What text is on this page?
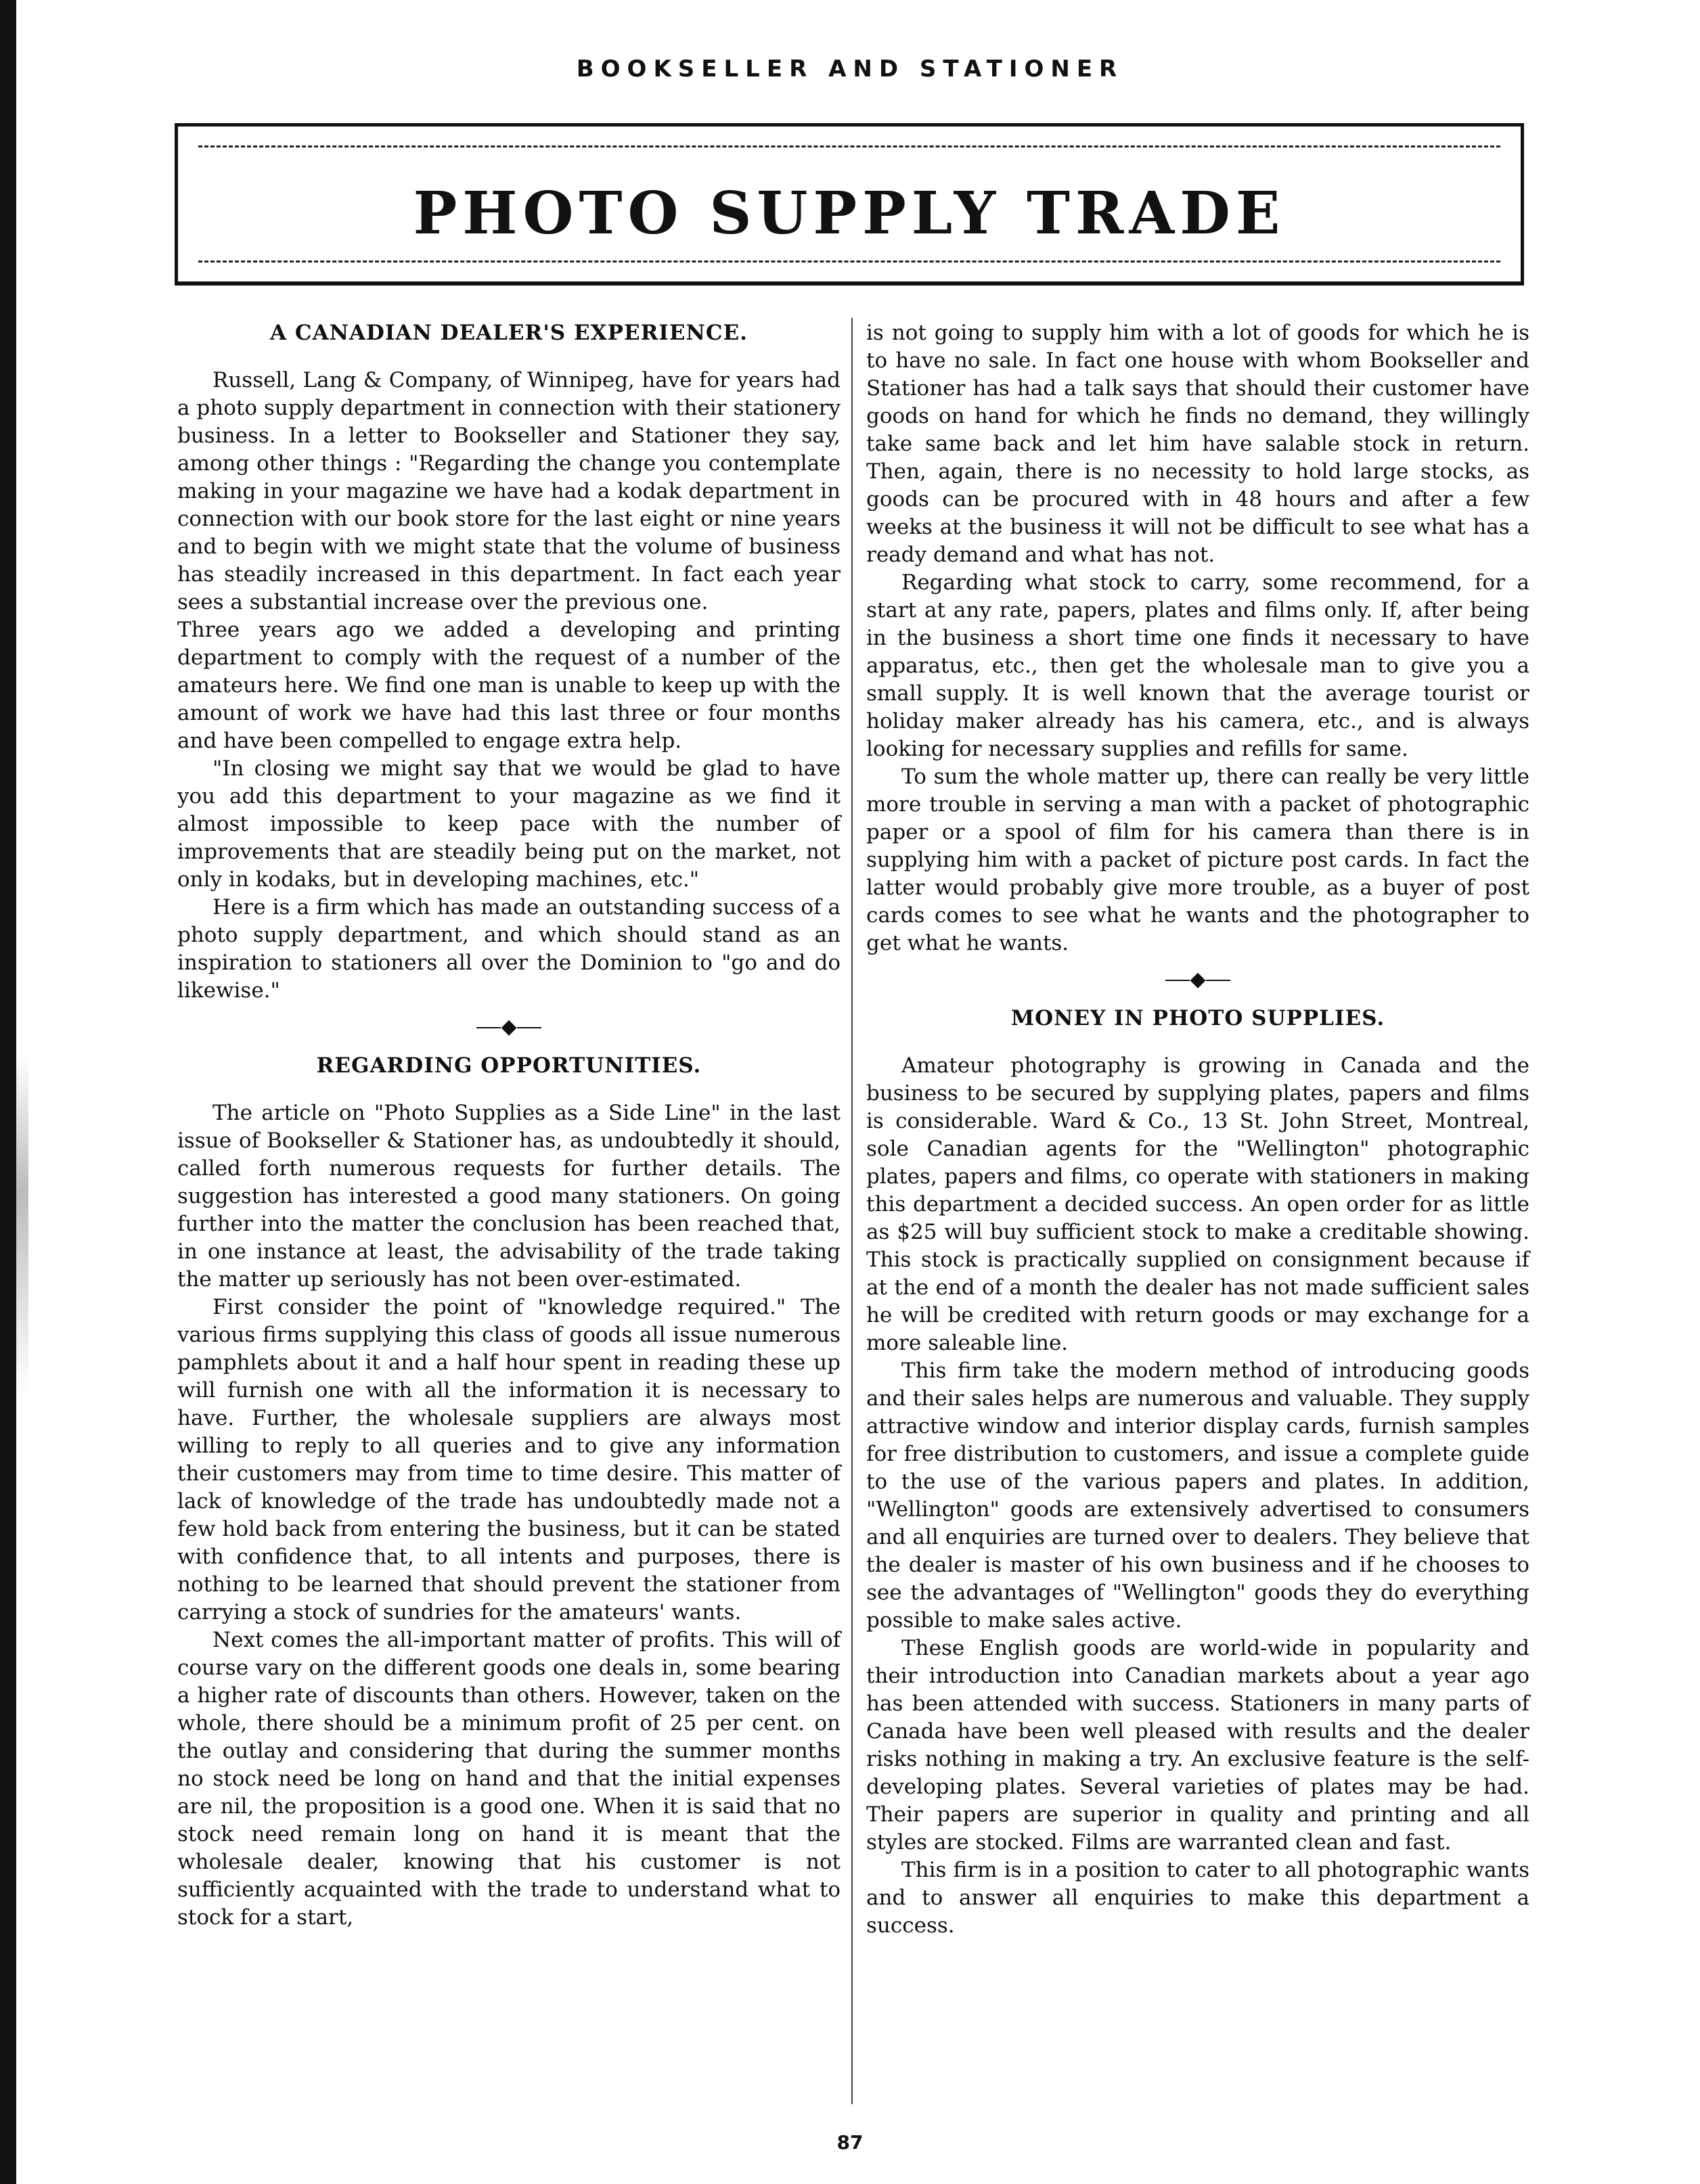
BOOKSELLER AND STATIONER
PHOTO SUPPLY TRADE
A CANADIAN DEALER'S EXPERIENCE.

Russell, Lang & Company, of Winnipeg, have for years had a photo supply department in connection with their stationery business. In a letter to Bookseller and Stationer they say, among other things : "Regarding the change you contemplate making in your magazine we have had a kodak department in connection with our book store for the last eight or nine years and to begin with we might state that the volume of business has steadily increased in this department. In fact each year sees a substantial increase over the previous one.

Three years ago we added a developing and printing department to comply with the request of a number of the amateurs here. We find one man is unable to keep up with the amount of work we have had this last three or four months and have been compelled to engage extra help.

"In closing we might say that we would be glad to have you add this department to your magazine as we find it almost impossible to keep pace with the number of improvements that are steadily being put on the market, not only in kodaks, but in developing machines, etc."

Here is a firm which has made an outstanding success of a photo supply department, and which should stand as an inspiration to stationers all over the Dominion to "go and do likewise."

◆
REGARDING OPPORTUNITIES.

The article on "Photo Supplies as a Side Line" in the last issue of Bookseller & Stationer has, as undoubtedly it should, called forth numerous requests for further details. The suggestion has interested a good many stationers. On going further into the matter the conclusion has been reached that, in one instance at least, the advisability of the trade taking the matter up seriously has not been over-estimated.

First consider the point of "knowledge required." The various firms supplying this class of goods all issue numerous pamphlets about it and a half hour spent in reading these up will furnish one with all the information it is necessary to have. Further, the wholesale suppliers are always most willing to reply to all queries and to give any information their customers may from time to time desire. This matter of lack of knowledge of the trade has undoubtedly made not a few hold back from entering the business, but it can be stated with confidence that, to all intents and purposes, there is nothing to be learned that should prevent the stationer from carrying a stock of sundries for the amateurs' wants.

Next comes the all-important matter of profits. This will of course vary on the different goods one deals in, some bearing a higher rate of discounts than others. However, taken on the whole, there should be a minimum profit of 25 per cent. on the outlay and considering that during the summer months no stock need be long on hand and that the initial expenses are nil, the proposition is a good one. When it is said that no stock need remain long on hand it is meant that the wholesale dealer, knowing that his customer is not sufficiently acquainted with the trade to understand what to stock for a start,

is not going to supply him with a lot of goods for which he is to have no sale. In fact one house with whom Bookseller and Stationer has had a talk says that should their customer have goods on hand for which he finds no demand, they willingly take same back and let him have salable stock in return. Then, again, there is no necessity to hold large stocks, as goods can be procured with in 48 hours and after a few weeks at the business it will not be difficult to see what has a ready demand and what has not.

Regarding what stock to carry, some recommend, for a start at any rate, papers, plates and films only. If, after being in the business a short time one finds it necessary to have apparatus, etc., then get the wholesale man to give you a small supply. It is well known that the average tourist or holiday maker already has his camera, etc., and is always looking for necessary supplies and refills for same.

To sum the whole matter up, there can really be very little more trouble in serving a man with a packet of photographic paper or a spool of film for his camera than there is in supplying him with a packet of picture post cards. In fact the latter would probably give more trouble, as a buyer of post cards comes to see what he wants and the photographer to get what he wants.

◆
MONEY IN PHOTO SUPPLIES.

Amateur photography is growing in Canada and the business to be secured by supplying plates, papers and films is considerable. Ward & Co., 13 St. John Street, Montreal, sole Canadian agents for the "Wellington" photographic plates, papers and films, co operate with stationers in making this department a decided success. An open order for as little as $25 will buy sufficient stock to make a creditable showing. This stock is practically supplied on consignment because if at the end of a month the dealer has not made sufficient sales he will be credited with return goods or may exchange for a more saleable line.

This firm take the modern method of introducing goods and their sales helps are numerous and valuable. They supply attractive window and interior display cards, furnish samples for free distribution to customers, and issue a complete guide to the use of the various papers and plates. In addition, "Wellington" goods are extensively advertised to consumers and all enquiries are turned over to dealers. They believe that the dealer is master of his own business and if he chooses to see the advantages of "Wellington" goods they do everything possible to make sales active.

These English goods are world-wide in popularity and their introduction into Canadian markets about a year ago has been attended with success. Stationers in many parts of Canada have been well pleased with results and the dealer risks nothing in making a try. An exclusive feature is the self-developing plates. Several varieties of plates may be had. Their papers are superior in quality and printing and all styles are stocked. Films are warranted clean and fast.

This firm is in a position to cater to all photographic wants and to answer all enquiries to make this department a success.

87
